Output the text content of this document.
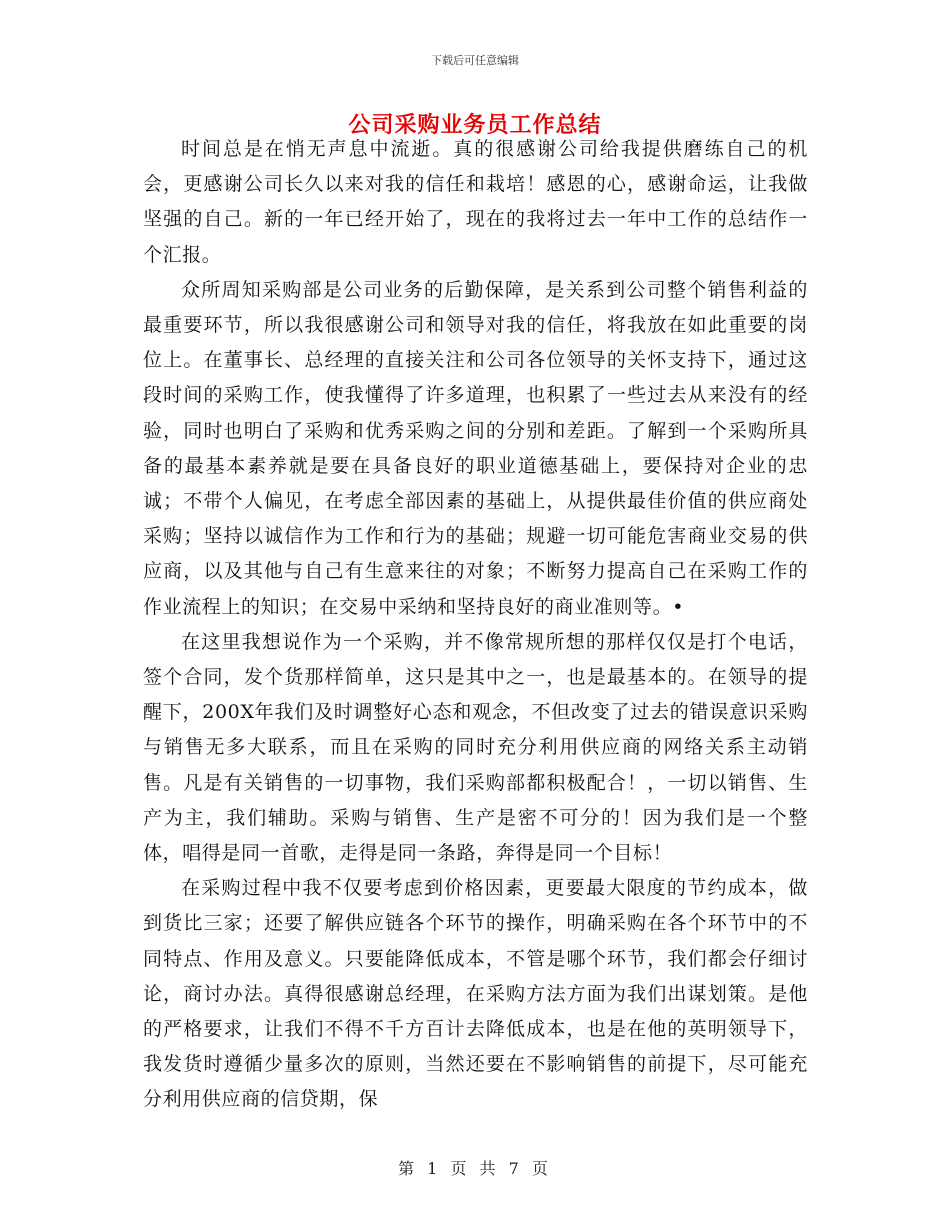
下载后可任意编辑
公司采购业务员工作总结

时间总是在悄无声息中流逝。真的很感谢公司给我提供磨练自己的机会，更感谢公司长久以来对我的信任和栽培！感恩的心，感谢命运，让我做坚强的自己。新的一年已经开始了，现在的我将过去一年中工作的总结作一个汇报。

众所周知采购部是公司业务的后勤保障，是关系到公司整个销售利益的最重要环节，所以我很感谢公司和领导对我的信任，将我放在如此重要的岗位上。在董事长、总经理的直接关注和公司各位领导的关怀支持下，通过这段时间的采购工作，使我懂得了许多道理，也积累了一些过去从来没有的经验，同时也明白了采购和优秀采购之间的分别和差距。了解到一个采购所具备的最基本素养就是要在具备良好的职业道德基础上，要保持对企业的忠诚；不带个人偏见，在考虑全部因素的基础上，从提供最佳价值的供应商处采购；坚持以诚信作为工作和行为的基础；规避一切可能危害商业交易的供应商，以及其他与自己有生意来往的对象；不断努力提高自己在采购工作的作业流程上的知识；在交易中采纳和坚持良好的商业准则等。•

在这里我想说作为一个采购，并不像常规所想的那样仅仅是打个电话，签个合同，发个货那样简单，这只是其中之一，也是最基本的。在领导的提醒下，200X年我们及时调整好心态和观念，不但改变了过去的错误意识采购与销售无多大联系，而且在采购的同时充分利用供应商的网络关系主动销售。凡是有关销售的一切事物，我们采购部都积极配合！，一切以销售、生产为主，我们辅助。采购与销售、生产是密不可分的！因为我们是一个整体，唱得是同一首歌，走得是同一条路，奔得是同一个目标！

在采购过程中我不仅要考虑到价格因素，更要最大限度的节约成本，做到货比三家；还要了解供应链各个环节的操作，明确采购在各个环节中的不同特点、作用及意义。只要能降低成本，不管是哪个环节，我们都会仔细讨论，商讨办法。真得很感谢总经理，在采购方法方面为我们出谋划策。是他的严格要求，让我们不得不千方百计去降低成本，也是在他的英明领导下，我发货时遵循少量多次的原则，当然还要在不影响销售的前提下，尽可能充分利用供应商的信贷期，保

第 1 页 共 7 页
